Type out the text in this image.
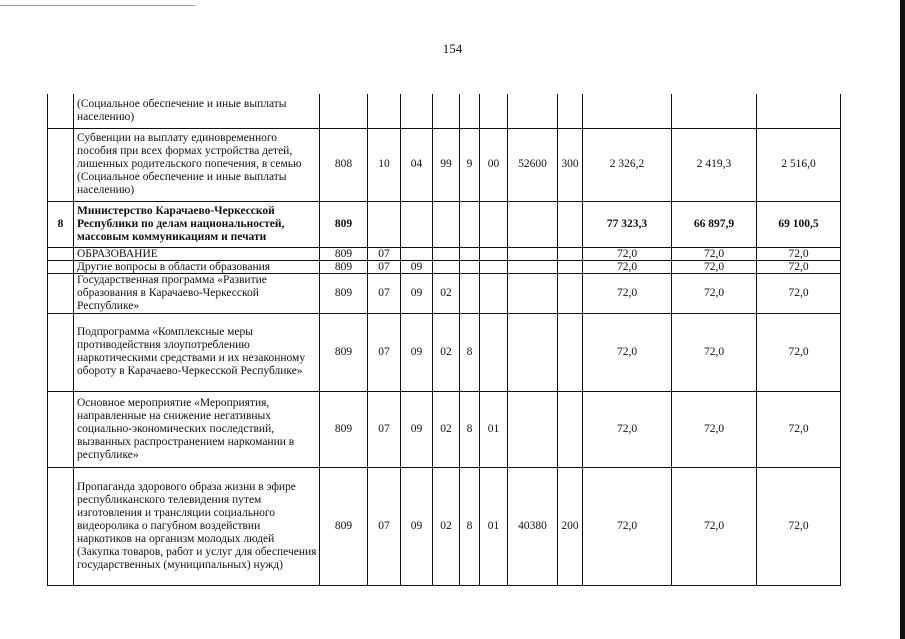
154
	(Социальное обеспечение и иные выплаты населению)											
	Субвенции на выплату единовременного пособия при всех формах устройства детей, лишенных родительского попечения, в семью (Социальное обеспечение и иные выплаты населению)	808	10	04	99	9	00	52600	300	2 326,2	2 419,3	2 516,0
8	Министерство Карачаево-Черкесской Республики по делам национальностей, массовым коммуникациям и печати	809								77 323,3	66 897,9	69 100,5
	ОБРАЗОВАНИЕ	809	07							72,0	72,0	72,0
	Другие вопросы в области образования	809	07	09						72,0	72,0	72,0
	Государственная программа «Развитие образования в Карачаево-Черкесской Республике»	809	07	09	02					72,0	72,0	72,0
	Подпрограмма «Комплексные меры противодействия злоупотреблению наркотическими средствами и их незаконному обороту в Карачаево-Черкесской Республике»	809	07	09	02	8				72,0	72,0	72,0
	Основное мероприятие «Мероприятия, направленные на снижение негативных социально-экономических последствий, вызванных распространением наркомании в республике»	809	07	09	02	8	01			72,0	72,0	72,0
	Пропаганда здорового образа жизни в эфире республиканского телевидения путем изготовления и трансляции социального видеоролика о пагубном воздействии наркотиков на организм молодых людей (Закупка товаров, работ и услуг для обеспечения государственных (муниципальных) нужд)	809	07	09	02	8	01	40380	200	72,0	72,0	72,0
